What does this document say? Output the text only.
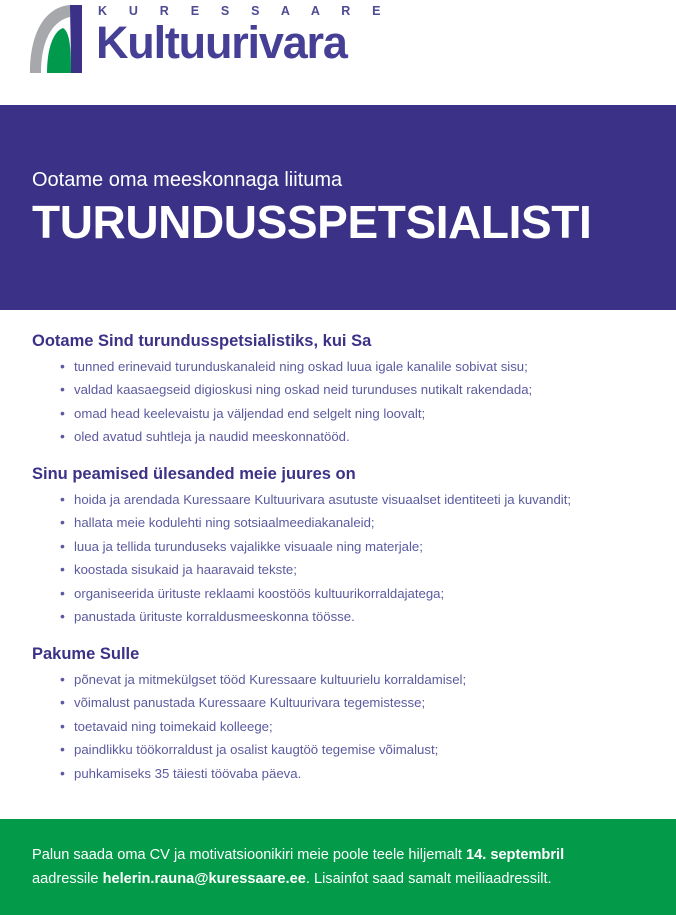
K U R E S S A A R E
Kultuurivara
Ootame oma meeskonnaga liituma
TURUNDUSSPETSIALISTI
Ootame Sind turundusspetsialistiks, kui Sa
• tunned erinevaid turunduskanaleid ning oskad luua igale kanalile sobivat sisu;
• valdad kaasaegseid digioskusi ning oskad neid turunduses nutikalt rakendada;
• omad head keelevaistu ja väljendad end selgelt ning loovalt;
• oled avatud suhtleja ja naudid meeskonnatööd.
Sinu peamised ülesanded meie juures on
• hoida ja arendada Kuressaare Kultuurivara asutuste visuaalset identiteeti ja kuvandit;
• hallata meie kodulehti ning sotsiaalmeediakanaleid;
• luua ja tellida turunduseks vajalikke visuaale ning materjale;
• koostada sisukaid ja haaravaid tekste;
• organiseerida ürituste reklaami koostöös kultuurikorraldajatega;
• panustada ürituste korraldusmeeskonna töösse.
Pakume Sulle
• põnevat ja mitmekülgset tööd Kuressaare kultuurielu korraldamisel;
• võimalust panustada Kuressaare Kultuurivara tegemistesse;
• toetavaid ning toimekaid kolleege;
• paindlikku töökorraldust ja osalist kaugtöö tegemise võimalust;
• puhkamiseks 35 täiesti töövaba päeva.
Palun saada oma CV ja motivatsioonikiri meie poole teele hiljemalt 14. septembril
aadressile helerin.rauna@kuressaare.ee. Lisainfot saad samalt meiliaadressilt.
